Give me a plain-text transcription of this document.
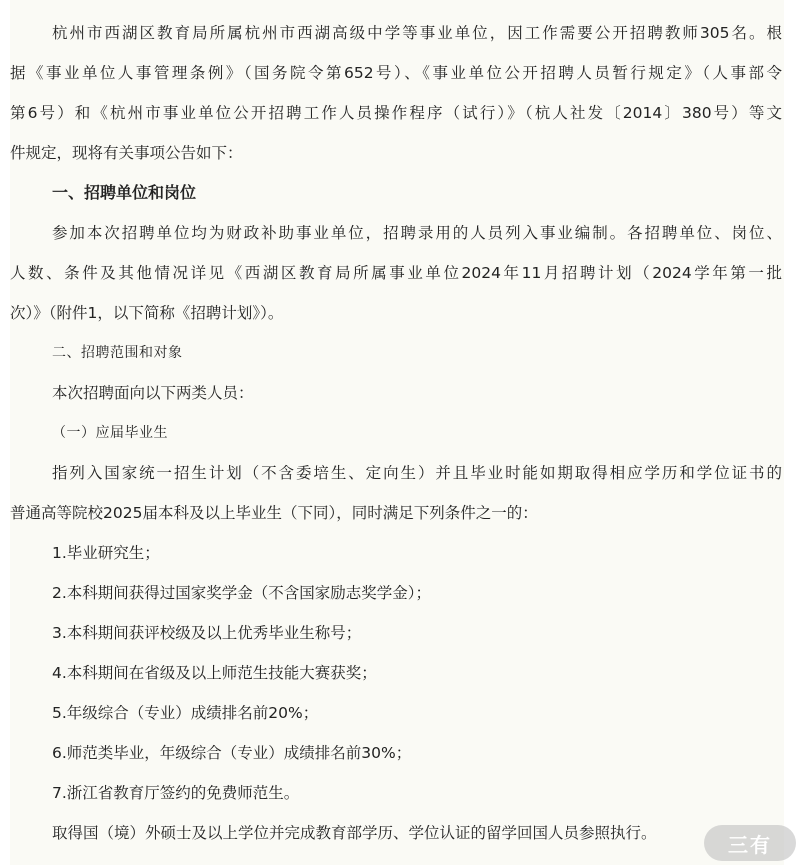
杭州市西湖区教育局所属杭州市西湖高级中学等事业单位，因工作需要公开招聘教师305名。根
据《事业单位人事管理条例》（国务院令第652号）、《事业单位公开招聘人员暂行规定》（人事部令
第6号）和《杭州市事业单位公开招聘工作人员操作程序（试行）》（杭人社发〔2014〕380号）等文
件规定，现将有关事项公告如下：
一、招聘单位和岗位
参加本次招聘单位均为财政补助事业单位，招聘录用的人员列入事业编制。各招聘单位、岗位、
人数、条件及其他情况详见《西湖区教育局所属事业单位2024年11月招聘计划（2024学年第一批
次）》（附件1，以下简称《招聘计划》）。
二、招聘范围和对象
本次招聘面向以下两类人员：
（一）应届毕业生
指列入国家统一招生计划（不含委培生、定向生）并且毕业时能如期取得相应学历和学位证书的
普通高等院校2025届本科及以上毕业生（下同），同时满足下列条件之一的：
1.毕业研究生；
2.本科期间获得过国家奖学金（不含国家励志奖学金）；
3.本科期间获评校级及以上优秀毕业生称号；
4.本科期间在省级及以上师范生技能大赛获奖；
5.年级综合（专业）成绩排名前20%；
6.师范类毕业，年级综合（专业）成绩排名前30%；
7.浙江省教育厅签约的免费师范生。
取得国（境）外硕士及以上学位并完成教育部学历、学位认证的留学回国人员参照执行。	三有
